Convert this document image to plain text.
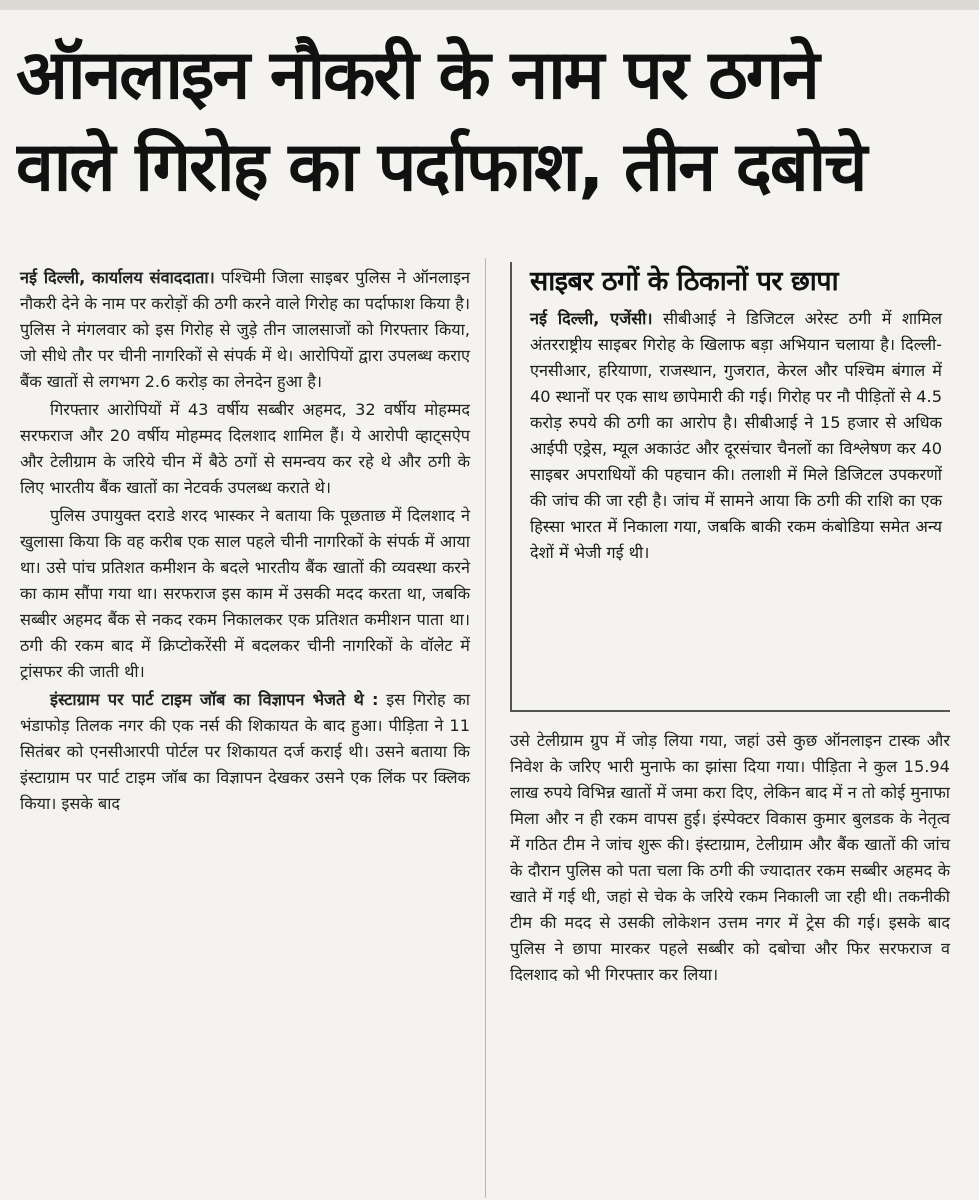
ऑनलाइन नौकरी के नाम पर ठगने
वाले गिरोह का पर्दाफाश, तीन दबोचे

नई दिल्ली, कार्यालय संवाददाता। पश्चिमी जिला साइबर पुलिस ने ऑनलाइन नौकरी देने के नाम पर करोड़ों की ठगी करने वाले गिरोह का पर्दाफाश किया है। पुलिस ने मंगलवार को इस गिरोह से जुड़े तीन जालसाजों को गिरफ्तार किया, जो सीधे तौर पर चीनी नागरिकों से संपर्क में थे। आरोपियों द्वारा उपलब्ध कराए बैंक खातों से लगभग 2.6 करोड़ का लेनदेन हुआ है।

गिरफ्तार आरोपियों में 43 वर्षीय सब्बीर अहमद, 32 वर्षीय मोहम्मद सरफराज और 20 वर्षीय मोहम्मद दिलशाद शामिल हैं। ये आरोपी व्हाट्सऐप और टेलीग्राम के जरिये चीन में बैठे ठगों से समन्वय कर रहे थे और ठगी के लिए भारतीय बैंक खातों का नेटवर्क उपलब्ध कराते थे।

पुलिस उपायुक्त दराडे शरद भास्कर ने बताया कि पूछताछ में दिलशाद ने खुलासा किया कि वह करीब एक साल पहले चीनी नागरिकों के संपर्क में आया था। उसे पांच प्रतिशत कमीशन के बदले भारतीय बैंक खातों की व्यवस्था करने का काम सौंपा गया था। सरफराज इस काम में उसकी मदद करता था, जबकि सब्बीर अहमद बैंक से नकद रकम निकालकर एक प्रतिशत कमीशन पाता था। ठगी की रकम बाद में क्रिप्टोकरेंसी में बदलकर चीनी नागरिकों के वॉलेट में ट्रांसफर की जाती थी।

इंस्टाग्राम पर पार्ट टाइम जॉब का विज्ञापन भेजते थे : इस गिरोह का भंडाफोड़ तिलक नगर की एक नर्स की शिकायत के बाद हुआ। पीड़िता ने 11 सितंबर को एनसीआरपी पोर्टल पर शिकायत दर्ज कराई थी। उसने बताया कि इंस्टाग्राम पर पार्ट टाइम जॉब का विज्ञापन देखकर उसने एक लिंक पर क्लिक किया। इसके बाद

साइबर ठगों के ठिकानों पर छापा
नई दिल्ली, एजेंसी। सीबीआई ने डिजिटल अरेस्ट ठगी में शामिल अंतरराष्ट्रीय साइबर गिरोह के खिलाफ बड़ा अभियान चलाया है। दिल्ली-एनसीआर, हरियाणा, राजस्थान, गुजरात, केरल और पश्चिम बंगाल में 40 स्थानों पर एक साथ छापेमारी की गई। गिरोह पर नौ पीड़ितों से 4.5 करोड़ रुपये की ठगी का आरोप है। सीबीआई ने 15 हजार से अधिक आईपी एड्रेस, म्यूल अकाउंट और दूरसंचार चैनलों का विश्लेषण कर 40 साइबर अपराधियों की पहचान की। तलाशी में मिले डिजिटल उपकरणों की जांच की जा रही है। जांच में सामने आया कि ठगी की राशि का एक हिस्सा भारत में निकाला गया, जबकि बाकी रकम कंबोडिया समेत अन्य देशों में भेजी गई थी।

उसे टेलीग्राम ग्रुप में जोड़ लिया गया, जहां उसे कुछ ऑनलाइन टास्क और निवेश के जरिए भारी मुनाफे का झांसा दिया गया। पीड़िता ने कुल 15.94 लाख रुपये विभिन्न खातों में जमा करा दिए, लेकिन बाद में न तो कोई मुनाफा मिला और न ही रकम वापस हुई। इंस्पेक्टर विकास कुमार बुलडक के नेतृत्व में गठित टीम ने जांच शुरू की। इंस्टाग्राम, टेलीग्राम और बैंक खातों की जांच के दौरान पुलिस को पता चला कि ठगी की ज्यादातर रकम सब्बीर अहमद के खाते में गई थी, जहां से चेक के जरिये रकम निकाली जा रही थी। तकनीकी टीम की मदद से उसकी लोकेशन उत्तम नगर में ट्रेस की गई। इसके बाद पुलिस ने छापा मारकर पहले सब्बीर को दबोचा और फिर सरफराज व दिलशाद को भी गिरफ्तार कर लिया।
